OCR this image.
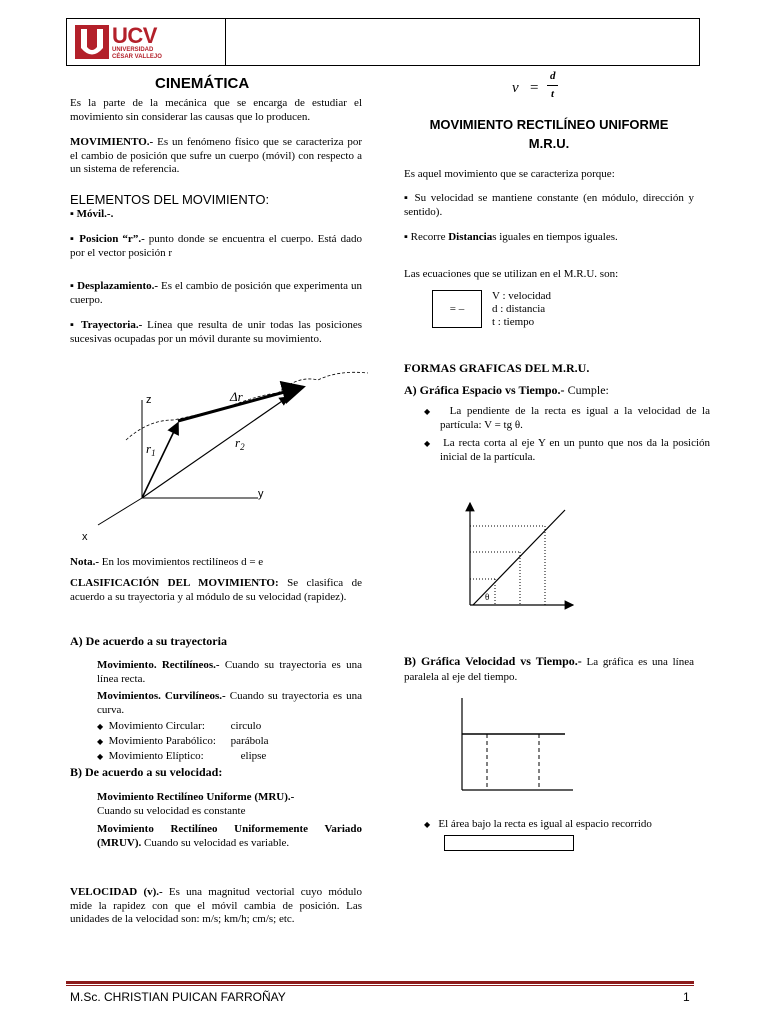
UCV
UNIVERSIDAD
CÉSAR VALLEJO
CINEMÁTICA
Es la parte de la mecánica que se encarga de estudiar el movimiento sin considerar las causas que lo producen.
MOVIMIENTO.- Es un fenómeno físico que se caracteriza por el cambio de posición que sufre un cuerpo (móvil) con respecto a un sistema de referencia.
ELEMENTOS DEL MOVIMIENTO:
▪ Móvil.-.
▪ Posicion “r”.- punto donde se encuentra el cuerpo. Está dado por el vector posición r
▪ Desplazamiento.- Es el cambio de posición que experimenta un cuerpo.
▪ Trayectoria.- Línea que resulta de unir todas las posiciones sucesivas ocupadas por un móvil durante su movimiento.
z
y
x
Δr
$r_1$
$r_2$
Nota.- En los movimientos rectilíneos d = e
CLASIFICACIÓN DEL MOVIMIENTO: Se clasifica de acuerdo a su trayectoria y al módulo de su velocidad (rapidez).
A) De acuerdo a su trayectoria
Movimiento. Rectilíneos.- Cuando su trayectoria es una línea recta.
Movimientos. Curvilíneos.- Cuando su trayectoria es una curva.
◆ Movimiento Circular: circulo
◆ Movimiento Parabólico: parábola
◆ Movimiento Elíptico:	elipse
B) De acuerdo a su velocidad:
Movimiento Rectilíneo Uniforme (MRU).-
Cuando su velocidad es constante
Movimiento Rectilíneo Uniformemente Variado (MRUV). Cuando su velocidad es variable.
VELOCIDAD (v).- Es una magnitud vectorial cuyo módulo mide la rapidez con que el móvil cambia de posición. Las unidades de la velocidad son: m/s; km/h; cm/s; etc.
v =
d
t
MOVIMIENTO RECTILÍNEO UNIFORME
M.R.U.
Es aquel movimiento que se caracteriza porque:
▪ Su velocidad se mantiene constante (en módulo, dirección y sentido).
▪ Recorre Distancias iguales en tiempos iguales.
Las ecuaciones que se utilizan en el M.R.U. son:
= –
V : velocidad
d : distancia
t : tiempo
FORMAS GRAFICAS DEL M.R.U.
A) Gráfica Espacio vs Tiempo.- Cumple:
◆ La pendiente de la recta es igual a la velocidad de la partícula: V = tg θ.
◆ La recta corta al eje Y en un punto que nos da la posición inicial de la partícula.
θ
B) Gráfica Velocidad vs Tiempo.- La gráfica es una línea paralela al eje del tiempo.
◆ El área bajo la recta es igual al espacio recorrido
M.Sc. CHRISTIAN PUICAN FARROÑAY	1
